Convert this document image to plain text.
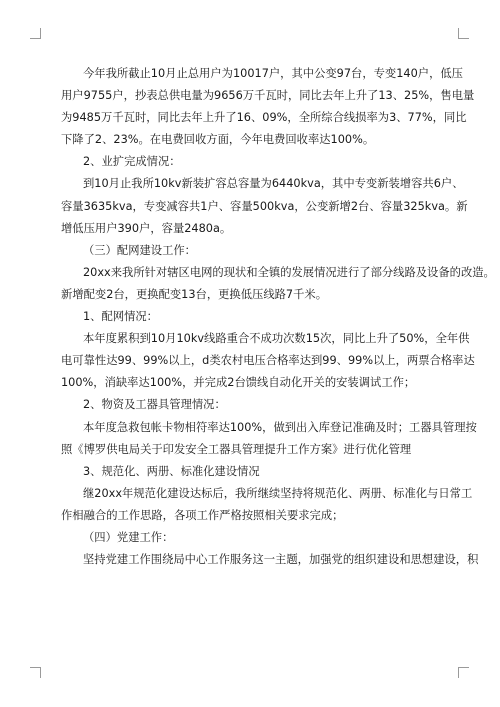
今年我所截止10月止总用户为10017户，其中公变97台，专变140户，低压
用户9755户，抄表总供电量为9656万千瓦时，同比去年上升了13、25%，售电量
为9485万千瓦时，同比去年上升了16、09%，全所综合线损率为3、77%，同比
下降了2、23%。在电费回收方面，今年电费回收率达100%。
2、业扩完成情况：
到10月止我所10kv新装扩容总容量为6440kva，其中专变新装增容共6户、
容量3635kva，专变减容共1户、容量500kva，公变新增2台、容量325kva。新
增低压用户390户，容量2480a。
（三）配网建设工作：
20xx来我所针对辖区电网的现状和全镇的发展情况进行了部分线路及设备的改造。
新增配变2台，更换配变13台，更换低压线路7千米。
1、配网情况：
本年度累积到10月10kv线路重合不成功次数15次，同比上升了50%，全年供
电可靠性达99、99%以上，d类农村电压合格率达到99、99%以上，两票合格率达
100%，消缺率达100%，并完成2台馈线自动化开关的安装调试工作；
2、物资及工器具管理情况：
本年度急救包帐卡物相符率达100%，做到出入库登记准确及时；工器具管理按
照《博罗供电局关于印发安全工器具管理提升工作方案》进行优化管理
3、规范化、两册、标准化建设情况
继20xx年规范化建设达标后，我所继续坚持将规范化、两册、标准化与日常工
作相融合的工作思路，各项工作严格按照相关要求完成；
（四）党建工作：
坚持党建工作围绕局中心工作服务这一主题，加强党的组织建设和思想建设，积
